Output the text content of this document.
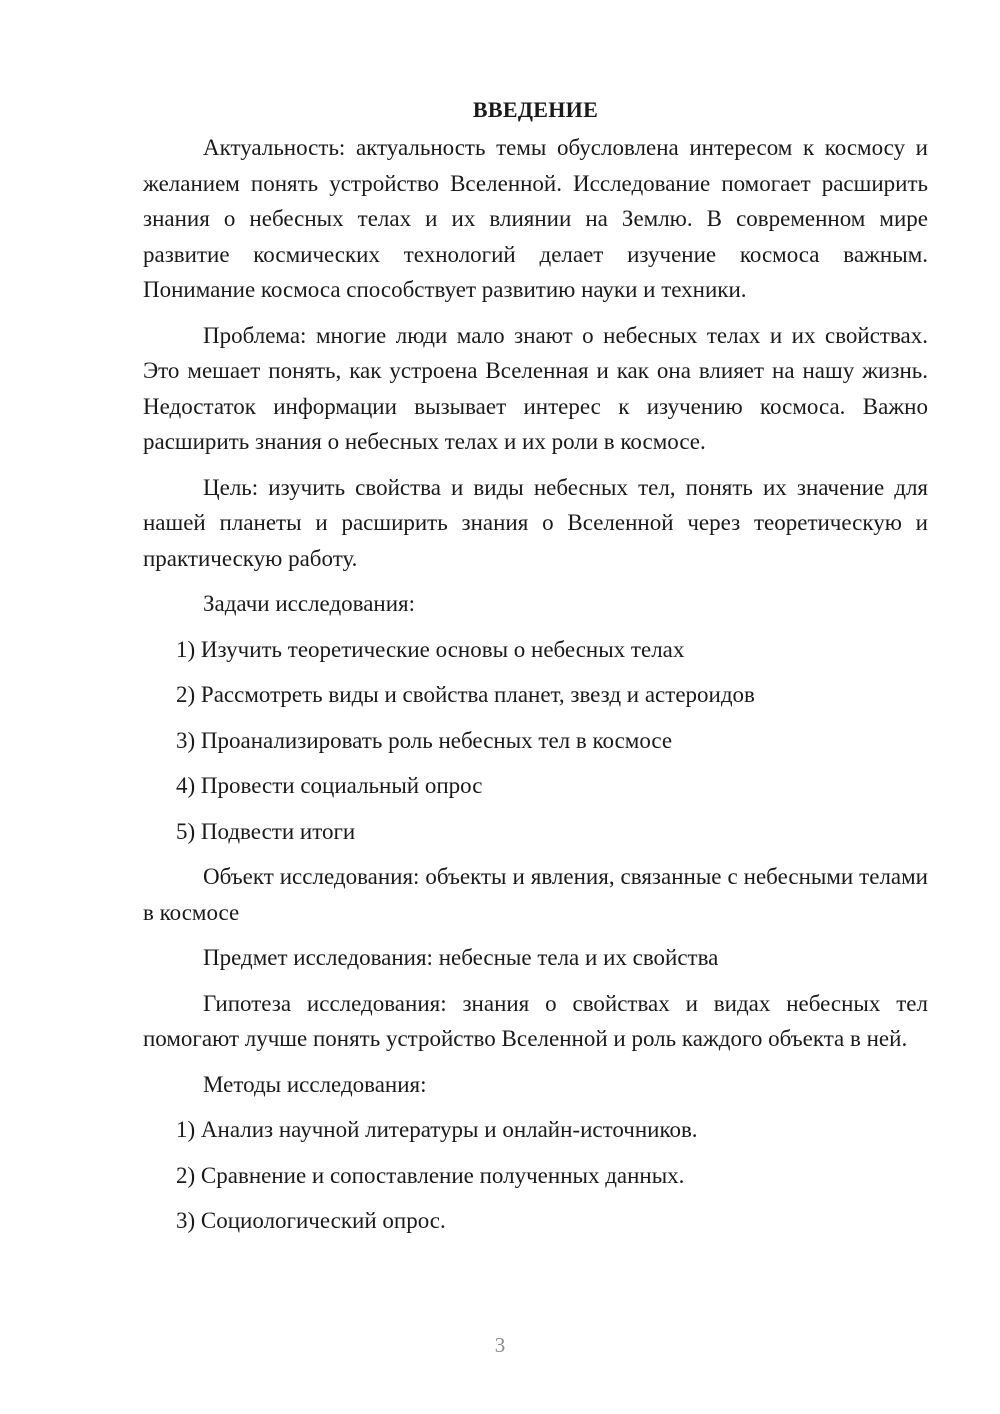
ВВЕДЕНИЕ

Актуальность: актуальность темы обусловлена интересом к космосу и желанием понять устройство Вселенной. Исследование помогает расширить знания о небесных телах и их влиянии на Землю. В современном мире развитие космических технологий делает изучение космоса важным. Понимание космоса способствует развитию науки и техники.

Проблема: многие люди мало знают о небесных телах и их свойствах. Это мешает понять, как устроена Вселенная и как она влияет на нашу жизнь. Недостаток информации вызывает интерес к изучению космоса. Важно расширить знания о небесных телах и их роли в космосе.

Цель: изучить свойства и виды небесных тел, понять их значение для нашей планеты и расширить знания о Вселенной через теоретическую и практическую работу.

Задачи исследования:

1) Изучить теоретические основы о небесных телах

2) Рассмотреть виды и свойства планет, звезд и астероидов

3) Проанализировать роль небесных тел в космосе

4) Провести социальный опрос

5) Подвести итоги

Объект исследования: объекты и явления, связанные с небесными телами в космосе

Предмет исследования: небесные тела и их свойства

Гипотеза исследования: знания о свойствах и видах небесных тел помогают лучше понять устройство Вселенной и роль каждого объекта в ней.

Методы исследования:

1) Анализ научной литературы и онлайн-источников.

2) Сравнение и сопоставление полученных данных.

3) Социологический опрос.

3
